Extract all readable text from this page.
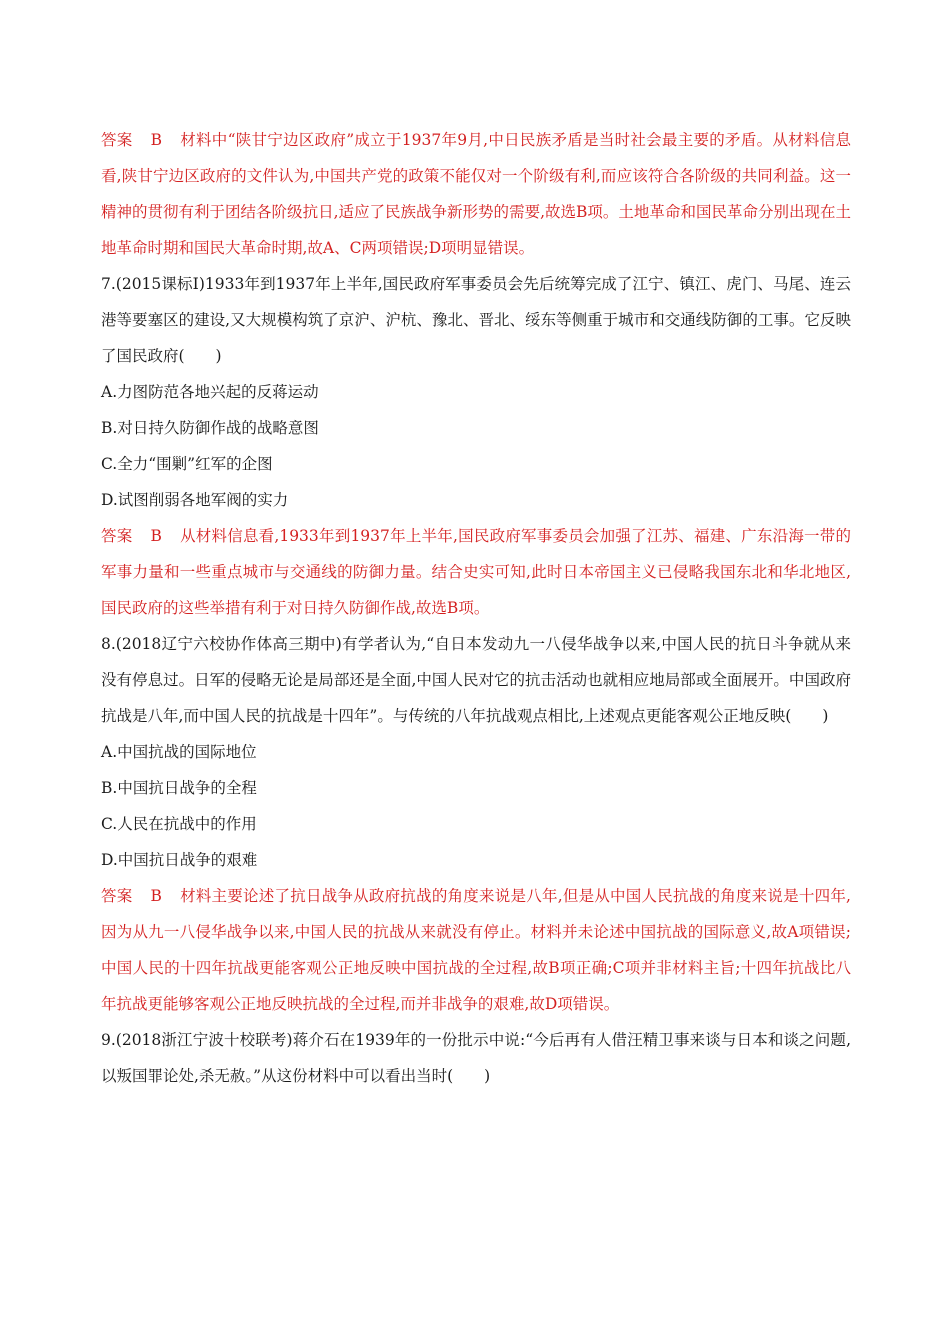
答案 B 材料中“陕甘宁边区政府”成立于1937年9月,中日民族矛盾是当时社会最主要的矛盾。从材料信息看,陕甘宁边区政府的文件认为,中国共产党的政策不能仅对一个阶级有利,而应该符合各阶级的共同利益。这一精神的贯彻有利于团结各阶级抗日,适应了民族战争新形势的需要,故选B项。土地革命和国民革命分别出现在土地革命时期和国民大革命时期,故A、C两项错误;D项明显错误。

7.(2015课标Ⅰ)1933年到1937年上半年,国民政府军事委员会先后统筹完成了江宁、镇江、虎门、马尾、连云港等要塞区的建设,又大规模构筑了京沪、沪杭、豫北、晋北、绥东等侧重于城市和交通线防御的工事。它反映了国民政府(　　)

A.力图防范各地兴起的反蒋运动

B.对日持久防御作战的战略意图

C.全力“围剿”红军的企图

D.试图削弱各地军阀的实力

答案 B 从材料信息看,1933年到1937年上半年,国民政府军事委员会加强了江苏、福建、广东沿海一带的军事力量和一些重点城市与交通线的防御力量。结合史实可知,此时日本帝国主义已侵略我国东北和华北地区,国民政府的这些举措有利于对日持久防御作战,故选B项。

8.(2018辽宁六校协作体高三期中)有学者认为,“自日本发动九一八侵华战争以来,中国人民的抗日斗争就从来没有停息过。日军的侵略无论是局部还是全面,中国人民对它的抗击活动也就相应地局部或全面展开。中国政府抗战是八年,而中国人民的抗战是十四年”。与传统的八年抗战观点相比,上述观点更能客观公正地反映(　　)

A.中国抗战的国际地位

B.中国抗日战争的全程

C.人民在抗战中的作用

D.中国抗日战争的艰难

答案 B 材料主要论述了抗日战争从政府抗战的角度来说是八年,但是从中国人民抗战的角度来说是十四年,因为从九一八侵华战争以来,中国人民的抗战从来就没有停止。材料并未论述中国抗战的国际意义,故A项错误;中国人民的十四年抗战更能客观公正地反映中国抗战的全过程,故B项正确;C项并非材料主旨;十四年抗战比八年抗战更能够客观公正地反映抗战的全过程,而并非战争的艰难,故D项错误。

9.(2018浙江宁波十校联考)蒋介石在1939年的一份批示中说:“今后再有人借汪精卫事来谈与日本和谈之问题,以叛国罪论处,杀无赦。”从这份材料中可以看出当时(　　)
